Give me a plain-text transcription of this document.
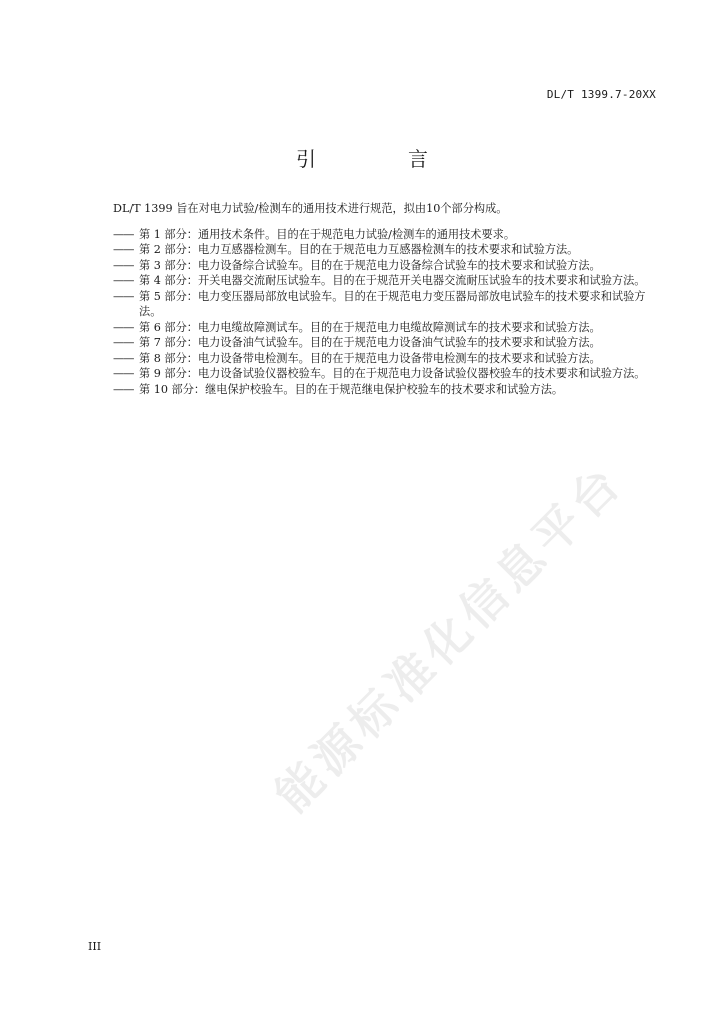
DL/T 1399.7-20XX
引　言

DL/T 1399 旨在对电力试验/检测车的通用技术进行规范，拟由10个部分构成。

—— 第 1 部分：通用技术条件。目的在于规范电力试验/检测车的通用技术要求。
—— 第 2 部分：电力互感器检测车。目的在于规范电力互感器检测车的技术要求和试验方法。
—— 第 3 部分：电力设备综合试验车。目的在于规范电力设备综合试验车的技术要求和试验方法。
—— 第 4 部分：开关电器交流耐压试验车。目的在于规范开关电器交流耐压试验车的技术要求和试验方法。
—— 第 5 部分：电力变压器局部放电试验车。目的在于规范电力变压器局部放电试验车的技术要求和试验方法。
—— 第 6 部分：电力电缆故障测试车。目的在于规范电力电缆故障测试车的技术要求和试验方法。
—— 第 7 部分：电力设备油气试验车。目的在于规范电力设备油气试验车的技术要求和试验方法。
—— 第 8 部分：电力设备带电检测车。目的在于规范电力设备带电检测车的技术要求和试验方法。
—— 第 9 部分：电力设备试验仪器校验车。目的在于规范电力设备试验仪器校验车的技术要求和试验方法。
—— 第 10 部分：继电保护校验车。目的在于规范继电保护校验车的技术要求和试验方法。
能源标准化信息平台
III
